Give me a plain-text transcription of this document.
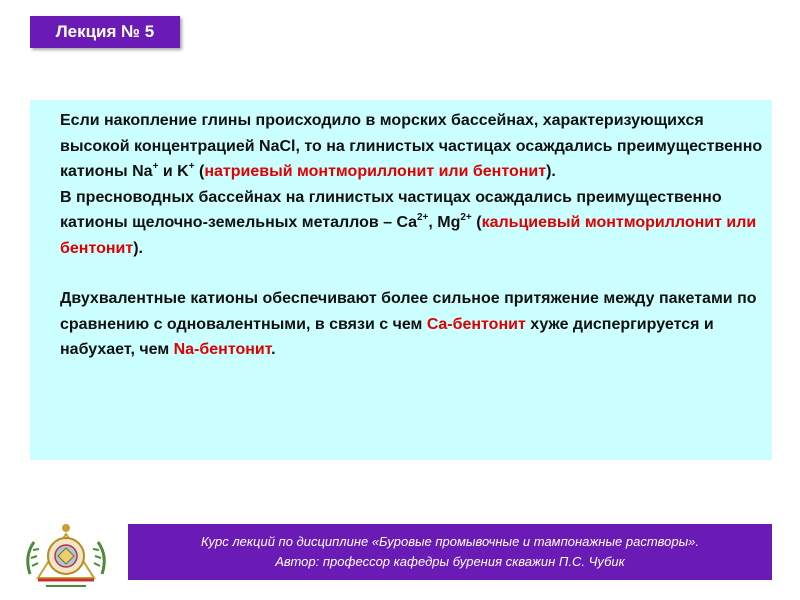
Лекция № 5

Если накопление глины происходило в морских бассейнах, характеризующихся высокой концентрацией NaCl, то на глинистых частицах осаждались преимущественно катионы Na+ и K+ (натриевый монтмориллонит или бентонит).

В пресноводных бассейнах на глинистых частицах осаждались преимущественно катионы щелочно-земельных металлов – $Ca^{2+}$, $Mg^{2+}$ (кальциевый монтмориллонит или бентонит).

Двухвалентные катионы обеспечивают более сильное притяжение между пакетами по сравнению с одновалентными, в связи с чем Ca-бентонит хуже диспергируется и набухает, чем Na-бентонит.

Курс лекций по дисциплине «Буровые промывочные и тампонажные растворы».
Автор: профессор кафедры бурения скважин П.С. Чубик
